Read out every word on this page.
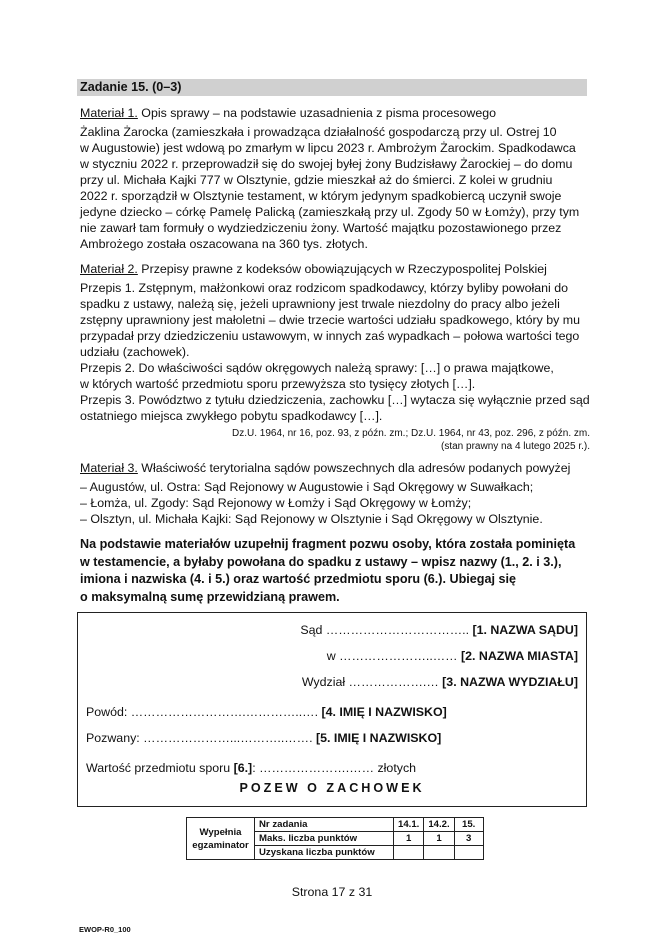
Zadanie 15. (0–3)

Materiał 1. Opis sprawy – na podstawie uzasadnienia z pisma procesowego

Żaklina Żarocka (zamieszkała i prowadząca działalność gospodarczą przy ul. Ostrej 10

w Augustowie) jest wdową po zmarłym w lipcu 2023 r. Ambrożym Żarockim. Spadkodawca

w styczniu 2022 r. przeprowadził się do swojej byłej żony Budzisławy Żarockiej – do domu

przy ul. Michała Kajki 777 w Olsztynie, gdzie mieszkał aż do śmierci. Z kolei w grudniu

2022 r. sporządził w Olsztynie testament, w którym jedynym spadkobiercą uczynił swoje

jedyne dziecko – córkę Pamelę Palicką (zamieszkałą przy ul. Zgody 50 w Łomży), przy tym

nie zawarł tam formuły o wydziedziczeniu żony. Wartość majątku pozostawionego przez

Ambrożego została oszacowana na 360 tys. złotych.

Materiał 2. Przepisy prawne z kodeksów obowiązujących w Rzeczypospolitej Polskiej

Przepis 1. Zstępnym, małżonkowi oraz rodzicom spadkodawcy, którzy byliby powołani do

spadku z ustawy, należą się, jeżeli uprawniony jest trwale niezdolny do pracy albo jeżeli

zstępny uprawniony jest małoletni – dwie trzecie wartości udziału spadkowego, który by mu

przypadał przy dziedziczeniu ustawowym, w innych zaś wypadkach – połowa wartości tego

udziału (zachowek).

Przepis 2. Do właściwości sądów okręgowych należą sprawy: […] o prawa majątkowe,

w których wartość przedmiotu sporu przewyższa sto tysięcy złotych […].

Przepis 3. Powództwo z tytułu dziedziczenia, zachowku […] wytacza się wyłącznie przed sąd

ostatniego miejsca zwykłego pobytu spadkodawcy […].

Dz.U. 1964, nr 16, poz. 93, z późn. zm.; Dz.U. 1964, nr 43, poz. 296, z późn. zm.

(stan prawny na 4 lutego 2025 r.).

Materiał 3. Właściwość terytorialna sądów powszechnych dla adresów podanych powyżej

– Augustów, ul. Ostra: Sąd Rejonowy w Augustowie i Sąd Okręgowy w Suwałkach;

– Łomża, ul. Zgody: Sąd Rejonowy w Łomży i Sąd Okręgowy w Łomży;

– Olsztyn, ul. Michała Kajki: Sąd Rejonowy w Olsztynie i Sąd Okręgowy w Olsztynie.

Na podstawie materiałów uzupełnij fragment pozwu osoby, która została pominięta
w testamencie, a byłaby powołana do spadku z ustawy – wpisz nazwy (1., 2. i 3.),
imiona i nazwiska (4. i 5.) oraz wartość przedmiotu sporu (6.). Ubiegaj się
o maksymalną sumę przewidzianą prawem.
Sąd …………………………….. [1. NAZWA SĄDU]
w …………………..…… [2. NAZWA MIASTA]
Wydział ……………….… [3. NAZWA WYDZIAŁU]
Powód: ……………………….…………..…. [4. IMIĘ I NAZWISKO]
Pozwany: …………………...………..……. [5. IMIĘ I NAZWISKO]
Wartość przedmiotu sporu [6.]: ………………….…… złotych
POZEW O ZACHOWEK
Wypełnia
egzaminator	Nr zadania	14.1.	14.2.	15.
	Maks. liczba punktów	1	1	3
	Uzyskana liczba punktów			
Strona 17 z 31
EWOP-R0_100
